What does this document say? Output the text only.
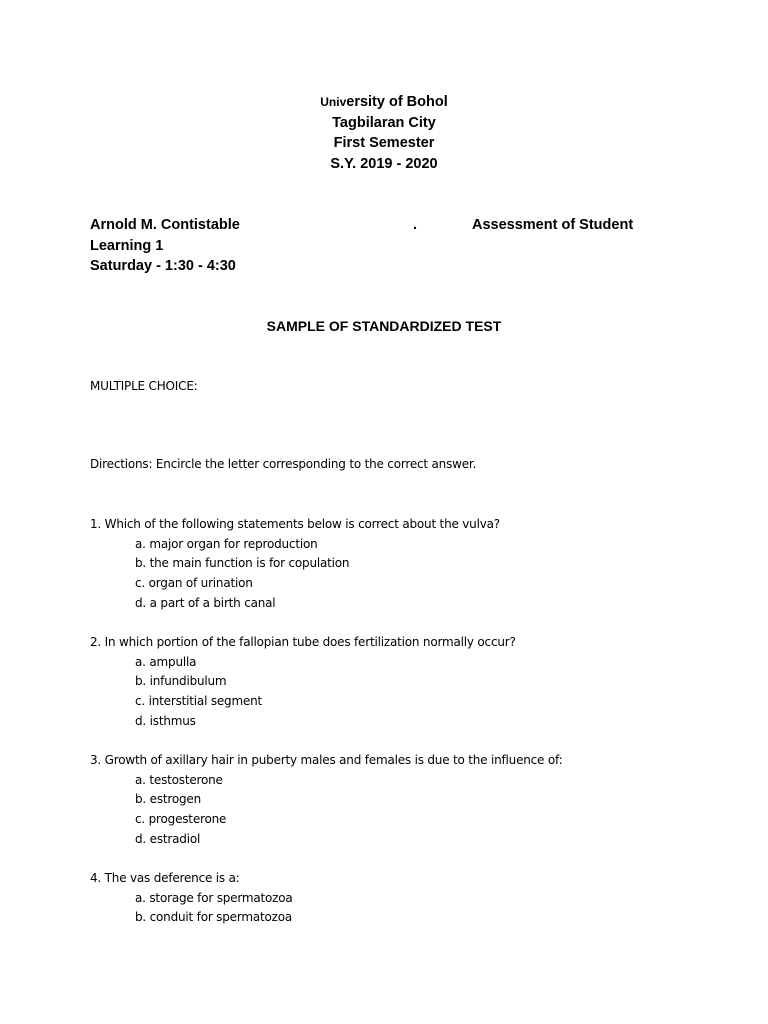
University of Bohol
Tagbilaran City
First Semester
S.Y. 2019 - 2020
Arnold M. Contistable	.	Assessment of Student
Learning 1
Saturday - 1:30 - 4:30
SAMPLE OF STANDARDIZED TEST
MULTIPLE CHOICE:
Directions: Encircle the letter corresponding to the correct answer.
1. Which of the following statements below is correct about the vulva?
a. major organ for reproduction
b. the main function is for copulation
c. organ of urination
d. a part of a birth canal
2. In which portion of the fallopian tube does fertilization normally occur?
a. ampulla
b. infundibulum
c. interstitial segment
d. isthmus
3. Growth of axillary hair in puberty males and females is due to the influence of:
a. testosterone
b. estrogen
c. progesterone
d. estradiol
4. The vas deference is a:
a. storage for spermatozoa
b. conduit for spermatozoa
